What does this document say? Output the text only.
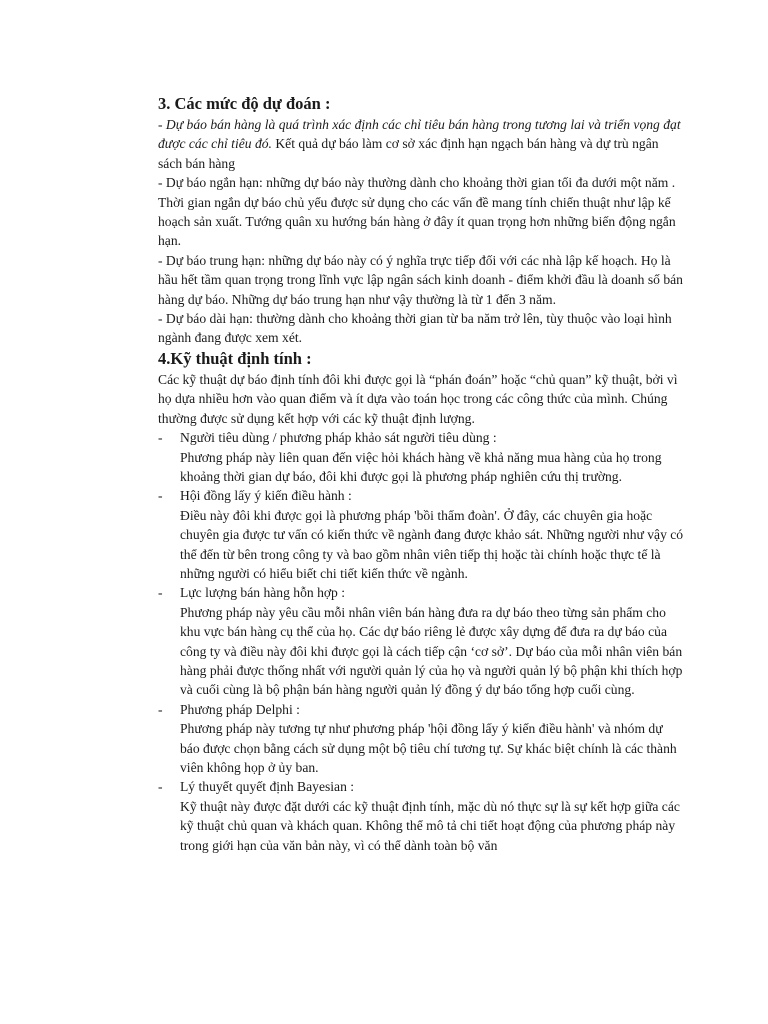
3. Các mức độ dự đoán :

- Dự báo bán hàng là quá trình xác định các chỉ tiêu bán hàng trong tương lai và triển vọng đạt được các chỉ tiêu đó. Kết quả dự báo làm cơ sở xác định hạn ngạch bán hàng và dự trù ngân sách bán hàng

- Dự báo ngắn hạn: những dự báo này thường dành cho khoảng thời gian tối đa dưới một năm . Thời gian ngắn dự báo chủ yếu được sử dụng cho các vấn đề mang tính chiến thuật như lập kế hoạch sản xuất. Tướng quân xu hướng bán hàng ở đây ít quan trọng hơn những biến động ngắn hạn.

- Dự báo trung hạn: những dự báo này có ý nghĩa trực tiếp đối với các nhà lập kế hoạch. Họ là hầu hết tầm quan trọng trong lĩnh vực lập ngân sách kinh doanh - điểm khởi đầu là doanh số bán hàng dự báo. Những dự báo trung hạn như vậy thường là từ 1 đến 3 năm.

- Dự báo dài hạn: thường dành cho khoảng thời gian từ ba năm trở lên, tùy thuộc vào loại hình ngành đang được xem xét.

4.Kỹ thuật định tính :

Các kỹ thuật dự báo định tính đôi khi được gọi là “phán đoán” hoặc “chủ quan” kỹ thuật, bởi vì họ dựa nhiều hơn vào quan điểm và ít dựa vào toán học trong các công thức của mình. Chúng thường được sử dụng kết hợp với các kỹ thuật định lượng.

-	Người tiêu dùng / phương pháp khảo sát người tiêu dùng :
Phương pháp này liên quan đến việc hỏi khách hàng về khả năng mua hàng của họ trong khoảng thời gian dự báo, đôi khi được gọi là phương pháp nghiên cứu thị trường.
-	Hội đồng lấy ý kiến điều hành :
Điều này đôi khi được gọi là phương pháp 'bồi thẩm đoàn'. Ở đây, các chuyên gia hoặc chuyên gia được tư vấn có kiến thức về ngành đang được khảo sát. Những người như vậy có thể đến từ bên trong công ty và bao gồm nhân viên tiếp thị hoặc tài chính hoặc thực tế là những người có hiểu biết chi tiết kiến thức về ngành.
-	Lực lượng bán hàng hỗn hợp :
Phương pháp này yêu cầu mỗi nhân viên bán hàng đưa ra dự báo theo từng sản phẩm cho khu vực bán hàng cụ thể của họ. Các dự báo riêng lẻ được xây dựng để đưa ra dự báo của công ty và điều này đôi khi được gọi là cách tiếp cận ‘cơ sở’. Dự báo của mỗi nhân viên bán hàng phải được thống nhất với người quản lý của họ và người quản lý bộ phận khi thích hợp và cuối cùng là bộ phận bán hàng người quản lý đồng ý dự báo tổng hợp cuối cùng.
-	Phương pháp Delphi :
Phương pháp này tương tự như phương pháp 'hội đồng lấy ý kiến điều hành' và nhóm dự báo được chọn bằng cách sử dụng một bộ tiêu chí tương tự. Sự khác biệt chính là các thành viên không họp ở ủy ban.
-	Lý thuyết quyết định Bayesian :
Kỹ thuật này được đặt dưới các kỹ thuật định tính, mặc dù nó thực sự là sự kết hợp giữa các kỹ thuật chủ quan và khách quan. Không thể mô tả chi tiết hoạt động của phương pháp này trong giới hạn của văn bản này, vì có thể dành toàn bộ văn
